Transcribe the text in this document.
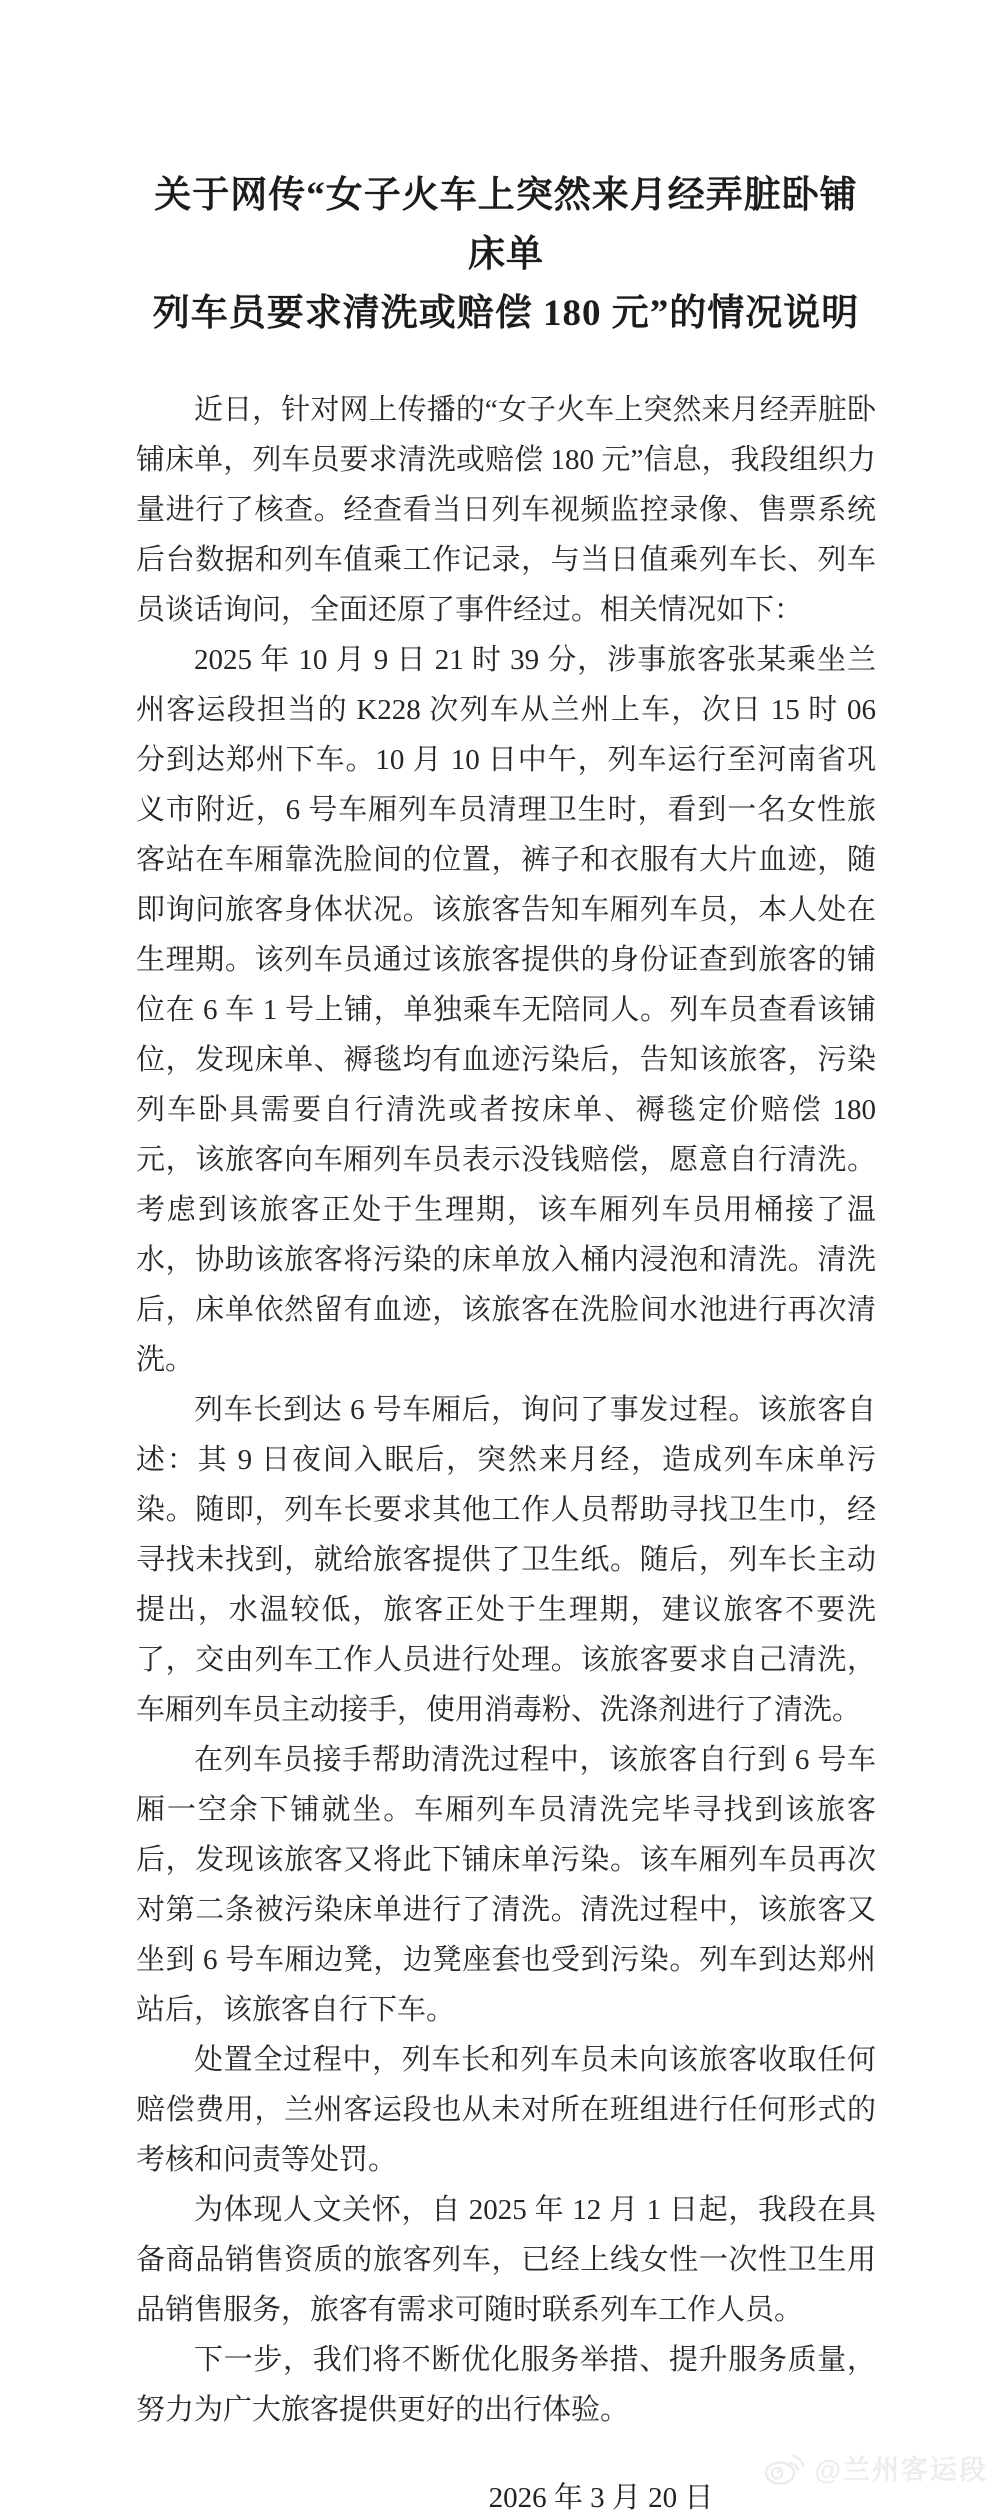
关于网传“女子火车上突然来月经弄脏卧铺床单
列车员要求清洗或赔偿 180 元”的情况说明

近日，针对网上传播的“女子火车上突然来月经弄脏卧铺床单，列车员要求清洗或赔偿 180 元”信息，我段组织力量进行了核查。经查看当日列车视频监控录像、售票系统后台数据和列车值乘工作记录，与当日值乘列车长、列车员谈话询问，全面还原了事件经过。相关情况如下：

2025 年 10 月 9 日 21 时 39 分，涉事旅客张某乘坐兰州客运段担当的 K228 次列车从兰州上车，次日 15 时 06 分到达郑州下车。10 月 10 日中午，列车运行至河南省巩义市附近，6 号车厢列车员清理卫生时，看到一名女性旅客站在车厢靠洗脸间的位置，裤子和衣服有大片血迹，随即询问旅客身体状况。该旅客告知车厢列车员，本人处在生理期。该列车员通过该旅客提供的身份证查到旅客的铺位在 6 车 1 号上铺，单独乘车无陪同人。列车员查看该铺位，发现床单、褥毯均有血迹污染后，告知该旅客，污染列车卧具需要自行清洗或者按床单、褥毯定价赔偿 180 元，该旅客向车厢列车员表示没钱赔偿，愿意自行清洗。考虑到该旅客正处于生理期，该车厢列车员用桶接了温水，协助该旅客将污染的床单放入桶内浸泡和清洗。清洗后，床单依然留有血迹，该旅客在洗脸间水池进行再次清洗。

列车长到达 6 号车厢后，询问了事发过程。该旅客自述：其 9 日夜间入眠后，突然来月经，造成列车床单污染。随即，列车长要求其他工作人员帮助寻找卫生巾，经寻找未找到，就给旅客提供了卫生纸。随后，列车长主动提出，水温较低，旅客正处于生理期，建议旅客不要洗了，交由列车工作人员进行处理。该旅客要求自己清洗，车厢列车员主动接手，使用消毒粉、洗涤剂进行了清洗。

在列车员接手帮助清洗过程中，该旅客自行到 6 号车厢一空余下铺就坐。车厢列车员清洗完毕寻找到该旅客后，发现该旅客又将此下铺床单污染。该车厢列车员再次对第二条被污染床单进行了清洗。清洗过程中，该旅客又坐到 6 号车厢边凳，边凳座套也受到污染。列车到达郑州站后，该旅客自行下车。

处置全过程中，列车长和列车员未向该旅客收取任何赔偿费用，兰州客运段也从未对所在班组进行任何形式的考核和问责等处罚。

为体现人文关怀，自 2025 年 12 月 1 日起，我段在具备商品销售资质的旅客列车，已经上线女性一次性卫生用品销售服务，旅客有需求可随时联系列车工作人员。

下一步，我们将不断优化服务举措、提升服务质量，努力为广大旅客提供更好的出行体验。

2026 年 3 月 20 日
@兰州客运段
